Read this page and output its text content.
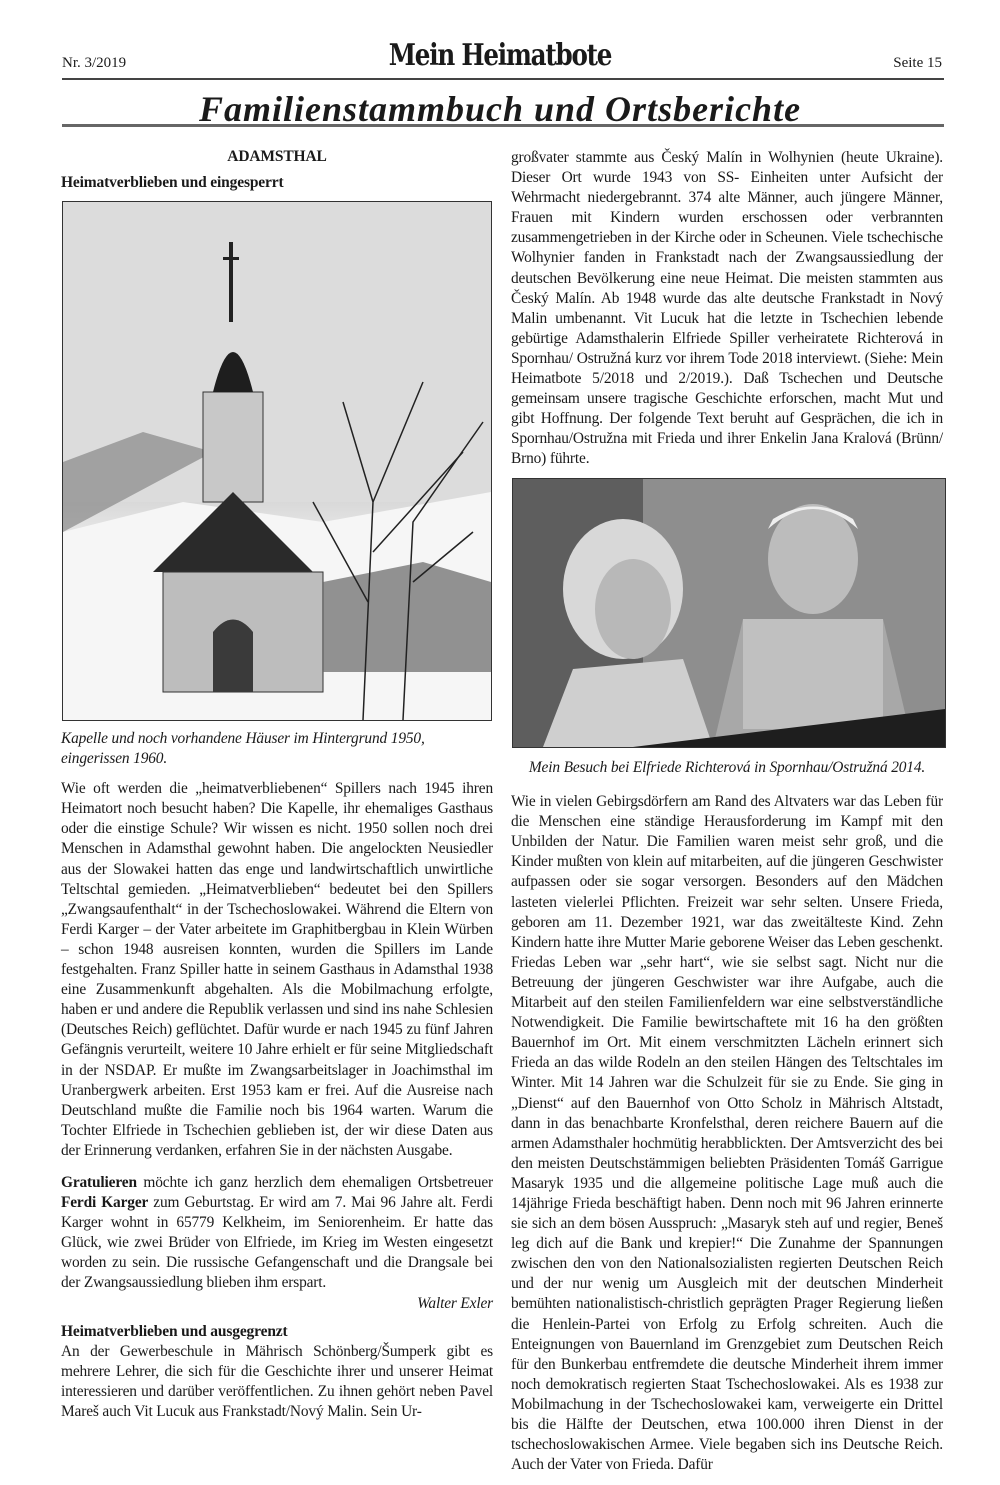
Nr. 3/2019	Mein Heimatbote	Seite 15
Familienstammbuch und Ortsberichte

ADAMSTHAL

Heimatverblieben und eingesperrt

Kapelle und noch vorhandene Häuser im Hintergrund 1950, eingerissen 1960.

Wie oft werden die „heimatverbliebenen“ Spillers nach 1945 ihren Heimatort noch besucht haben? Die Kapelle, ihr ehemaliges Gasthaus oder die einstige Schule? Wir wissen es nicht. 1950 sollen noch drei Menschen in Adamsthal gewohnt haben. Die angelockten Neusiedler aus der Slowakei hatten das enge und landwirtschaftlich unwirtliche Teltschtal gemieden. „Heimatverblieben“ bedeutet bei den Spillers „Zwangsaufenthalt“ in der Tschechoslowakei. Während die Eltern von Ferdi Karger – der Vater arbeitete im Graphitbergbau in Klein Würben – schon 1948 ausreisen konnten, wurden die Spillers im Lande festgehalten. Franz Spiller hatte in seinem Gasthaus in Adamsthal 1938 eine Zusammenkunft abgehalten. Als die Mobilmachung erfolgte, haben er und andere die Republik verlassen und sind ins nahe Schlesien (Deutsches Reich) geflüchtet. Dafür wurde er nach 1945 zu fünf Jahren Gefängnis verurteilt, weitere 10 Jahre erhielt er für seine Mitgliedschaft in der NSDAP. Er mußte im Zwangsarbeitslager in Joachimsthal im Uranbergwerk arbeiten. Erst 1953 kam er frei. Auf die Ausreise nach Deutschland mußte die Familie noch bis 1964 warten. Warum die Tochter Elfriede in Tschechien geblieben ist, der wir diese Daten aus der Erinnerung verdanken, erfahren Sie in der nächsten Ausgabe.

Gratulieren möchte ich ganz herzlich dem ehemaligen Ortsbetreuer Ferdi Karger zum Geburtstag. Er wird am 7. Mai 96 Jahre alt. Ferdi Karger wohnt in 65779 Kelkheim, im Seniorenheim. Er hatte das Glück, wie zwei Brüder von Elfriede, im Krieg im Westen eingesetzt worden zu sein. Die russische Gefangenschaft und die Drangsale bei der Zwangsaussiedlung blieben ihm erspart.

Walter Exler

Heimatverblieben und ausgegrenzt

An der Gewerbeschule in Mährisch Schönberg/Šumperk gibt es mehrere Lehrer, die sich für die Geschichte ihrer und unserer Heimat interessieren und darüber veröffentlichen. Zu ihnen gehört neben Pavel Mareš auch Vit Lucuk aus Frankstadt/Nový Malin. Sein Ur-

großvater stammte aus Český Malín in Wolhynien (heute Ukraine). Dieser Ort wurde 1943 von SS- Einheiten unter Aufsicht der Wehrmacht niedergebrannt. 374 alte Männer, auch jüngere Männer, Frauen mit Kindern wurden erschossen oder verbrannten zusammengetrieben in der Kirche oder in Scheunen. Viele tschechische Wolhynier fanden in Frankstadt nach der Zwangsaussiedlung der deutschen Bevölkerung eine neue Heimat. Die meisten stammten aus Český Malín. Ab 1948 wurde das alte deutsche Frankstadt in Nový Malin umbenannt. Vit Lucuk hat die letzte in Tschechien lebende gebürtige Adamsthalerin Elfriede Spiller verheiratete Richterová in Spornhau/ Ostružná kurz vor ihrem Tode 2018 interviewt. (Siehe: Mein Heimatbote 5/2018 und 2/2019.). Daß Tschechen und Deutsche gemeinsam unsere tragische Geschichte erforschen, macht Mut und gibt Hoffnung. Der folgende Text beruht auf Gesprächen, die ich in Spornhau/Ostružna mit Frieda und ihrer Enkelin Jana Kralová (Brünn/ Brno) führte.

Mein Besuch bei Elfriede Richterová in Spornhau/Ostružná 2014.

Wie in vielen Gebirgsdörfern am Rand des Altvaters war das Leben für die Menschen eine ständige Herausforderung im Kampf mit den Unbilden der Natur. Die Familien waren meist sehr groß, und die Kinder mußten von klein auf mitarbeiten, auf die jüngeren Geschwister aufpassen oder sie sogar versorgen. Besonders auf den Mädchen lasteten vielerlei Pflichten. Freizeit war sehr selten. Unsere Frieda, geboren am 11. Dezember 1921, war das zweitälteste Kind. Zehn Kindern hatte ihre Mutter Marie geborene Weiser das Leben geschenkt. Friedas Leben war „sehr hart“, wie sie selbst sagt. Nicht nur die Betreuung der jüngeren Geschwister war ihre Aufgabe, auch die Mitarbeit auf den steilen Familienfeldern war eine selbstverständliche Notwendigkeit. Die Familie bewirtschaftete mit 16 ha den größten Bauernhof im Ort. Mit einem verschmitzten Lächeln erinnert sich Frieda an das wilde Rodeln an den steilen Hängen des Teltschtales im Winter. Mit 14 Jahren war die Schulzeit für sie zu Ende. Sie ging in „Dienst“ auf den Bauernhof von Otto Scholz in Mährisch Altstadt, dann in das benachbarte Kronfelsthal, deren reichere Bauern auf die armen Adamsthaler hochmütig herabblickten. Der Amtsverzicht des bei den meisten Deutschstämmigen beliebten Präsidenten Tomáš Garrigue Masaryk 1935 und die allgemeine politische Lage muß auch die 14jährige Frieda beschäftigt haben. Denn noch mit 96 Jahren erinnerte sie sich an dem bösen Ausspruch: „Masaryk steh auf und regier, Beneš leg dich auf die Bank und krepier!“ Die Zunahme der Spannungen zwischen den von den Nationalsozialisten regierten Deutschen Reich und der nur wenig um Ausgleich mit der deutschen Minderheit bemühten nationalistisch-christlich geprägten Prager Regierung ließen die Henlein-Partei von Erfolg zu Erfolg schreiten. Auch die Enteignungen von Bauernland im Grenzgebiet zum Deutschen Reich für den Bunkerbau entfremdete die deutsche Minderheit ihrem immer noch demokratisch regierten Staat Tschechoslowakei. Als es 1938 zur Mobilmachung in der Tschechoslowakei kam, verweigerte ein Drittel bis die Hälfte der Deutschen, etwa 100.000 ihren Dienst in der tschechoslowakischen Armee. Viele begaben sich ins Deutsche Reich. Auch der Vater von Frieda. Dafür
